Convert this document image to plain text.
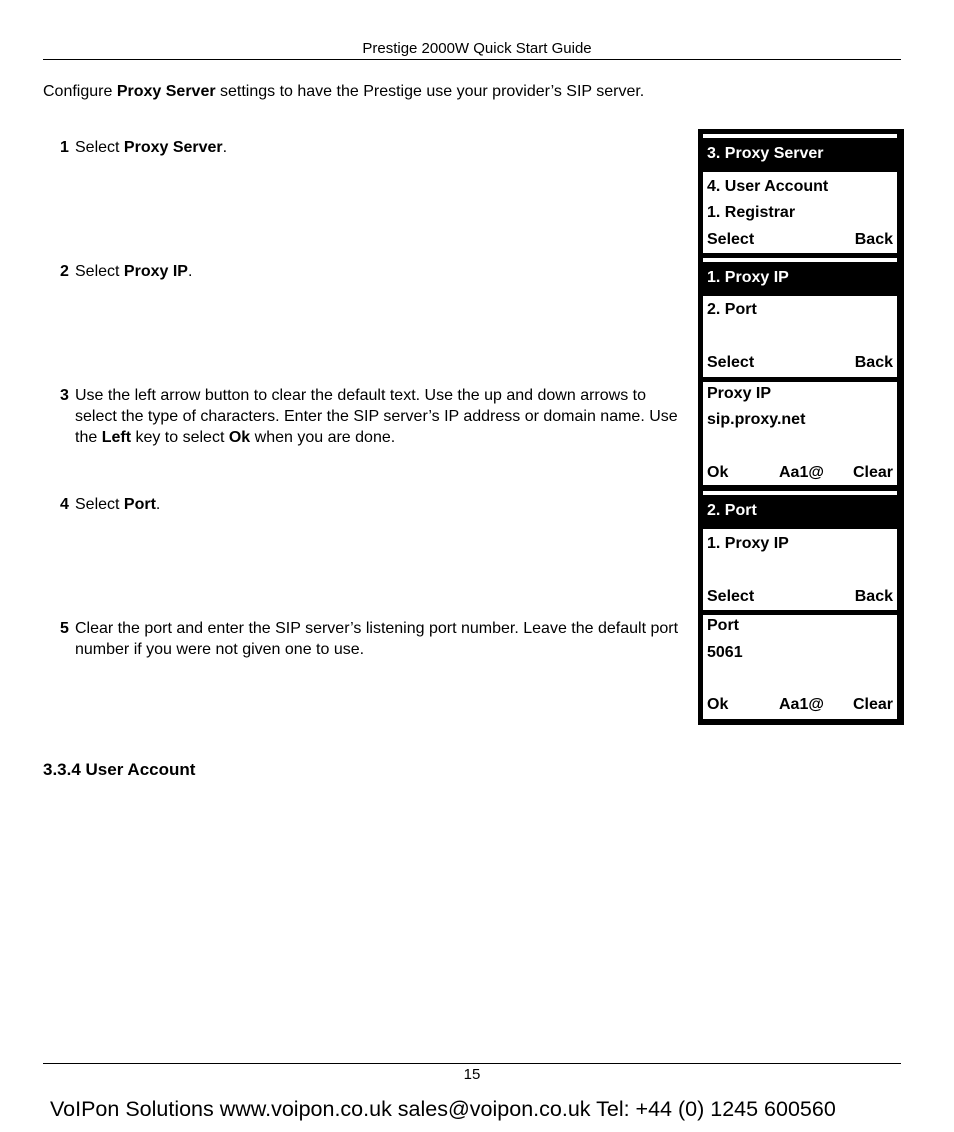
Prestige 2000W Quick Start Guide
Configure Proxy Server settings to have the Prestige use your provider’s SIP server.
1 Select Proxy Server.
2 Select Proxy IP.
3 Use the left arrow button to clear the default text. Use the up and down arrows to select the type of characters. Enter the SIP server’s IP address or domain name. Use the Left key to select Ok when you are done.
4 Select Port.
5 Clear the port and enter the SIP server’s listening port number. Leave the default port number if you were not given one to use.
3. Proxy Server
4. User Account
1. Registrar
Select	Back
1. Proxy IP
2. Port
Select	Back
Proxy IP
sip.proxy.net
Ok	Aa1@ Clear
2. Port
1. Proxy IP
Select	Back
Port
5061
Ok	Aa1@ Clear
3.3.4 User Account
15
VoIPon Solutions www.voipon.co.uk sales@voipon.co.uk Tel: +44 (0) 1245 600560
